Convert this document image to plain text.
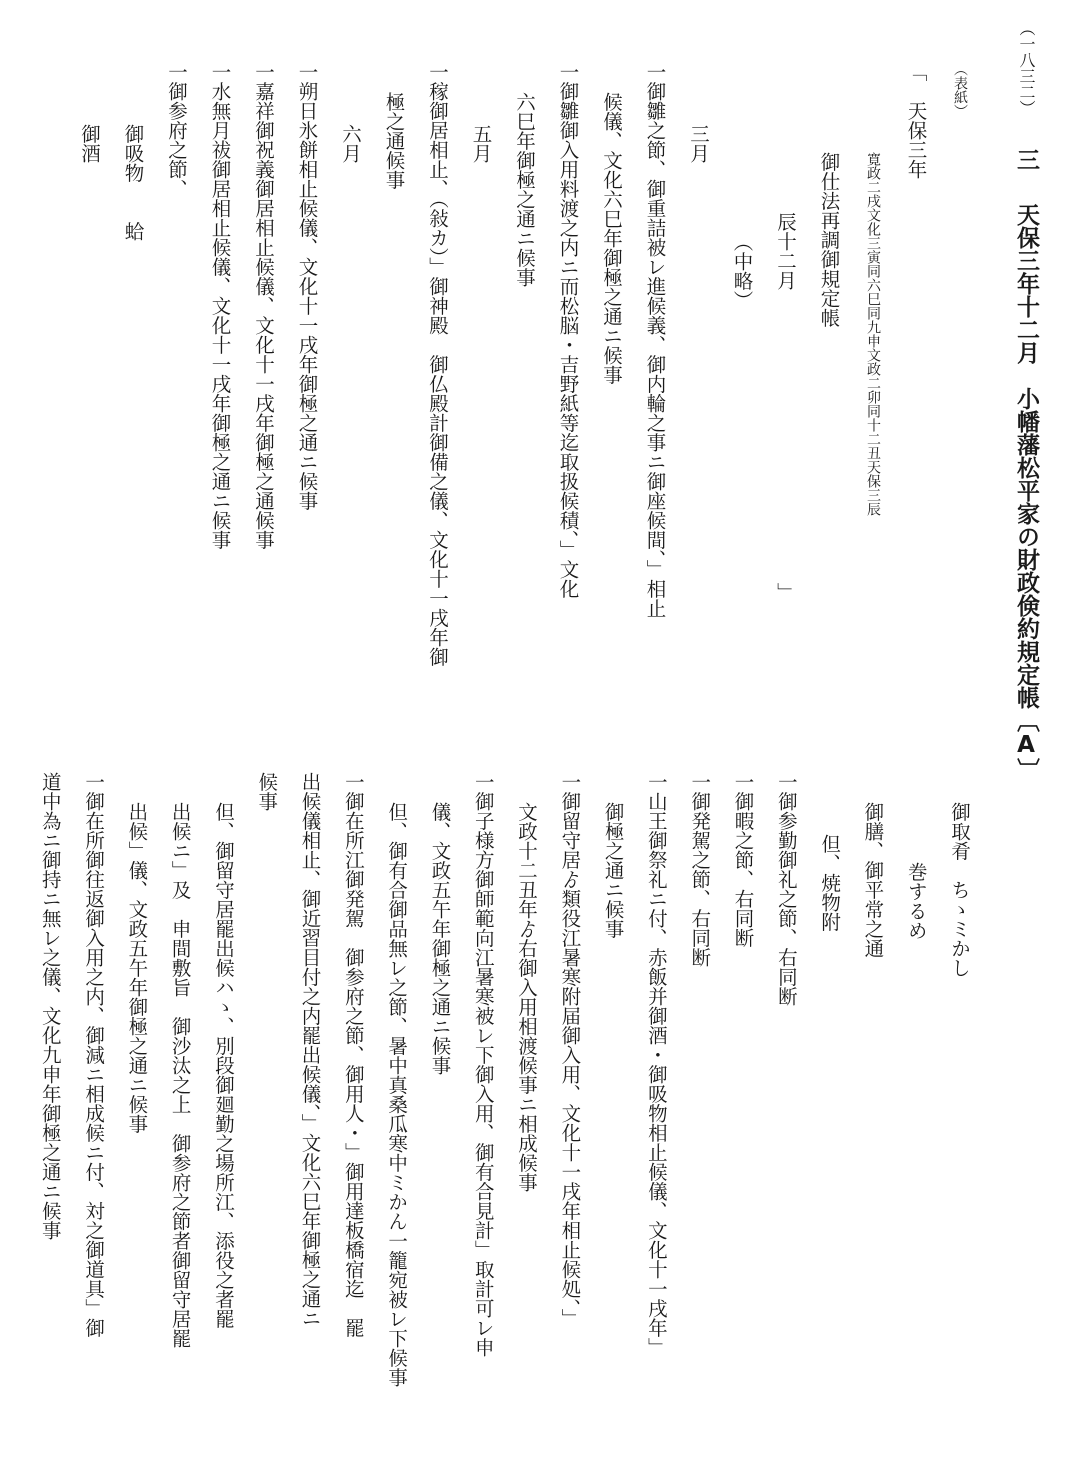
（一八三二） 三 天保三年十二月　小幡藩松平家の財政倹約規定帳〔A〕
（表紙）
「　天保三年
寛政二戌文化三寅同六巳同九申文政二卯同十二丑天保三辰
御仕法再調御規定帳
辰十二月　　　　　　　　　　　　　　　」
（中略）
三月
一御雛之節、御重詰被レ進候義、御内輪之事ニ御座候間、」相止
候儀、文化六巳年御極之通ニ候事
一御雛御入用料渡之内ニ而松脳・吉野紙等迄取扱候積、」文化
六巳年御極之通ニ候事
五月
一稼御居相止、（敍カ）」御神殿　御仏殿計御備之儀、文化十一戌年御
極之通候事
六月
一朔日氷餅相止候儀、文化十一戌年御極之通ニ候事
一嘉祥御祝義御居相止候儀、文化十一戌年御極之通候事
一水無月祓御居相止候儀、文化十一戌年御極之通ニ候事
一御参府之節、
御吸物　　蛤
御酒
御取肴　ちゝミかし
巻するめ
御膳、御平常之通
但、焼物附
一御参勤御礼之節、右同断
一御暇之節、右同断
一御発駕之節、右同断
一山王御祭礼ニ付、赤飯并御酒・御吸物相止候儀、文化十一戌年」
御極之通ニ候事
一御留守居ゟ類役江暑寒附届御入用、文化十一戌年相止候処、」
文政十二丑年ゟ右御入用相渡候事ニ相成候事
一御子様方御師範向江暑寒被レ下御入用、御有合見計」取計可レ申
儀、文政五午年御極之通ニ候事
但、御有合御品無レ之節、暑中真桑瓜寒中ミかん一籠宛被レ下候事
一御在所江御発駕　御参府之節、御用人・」御用達板橋宿迄　罷
出候儀相止、御近習目付之内罷出候儀、」文化六巳年御極之通ニ
候事
但、御留守居罷出候ハゝ、別段御廻勤之場所江、添役之者罷
出候ニ」及　申間敷旨　御沙汰之上　御参府之節者御留守居罷
出候」儀、文政五午年御極之通ニ候事
一御在所御往返御入用之内、御減ニ相成候ニ付、対之御道具」御
道中為ニ御持ニ無レ之儀、文化九申年御極之通ニ候事
